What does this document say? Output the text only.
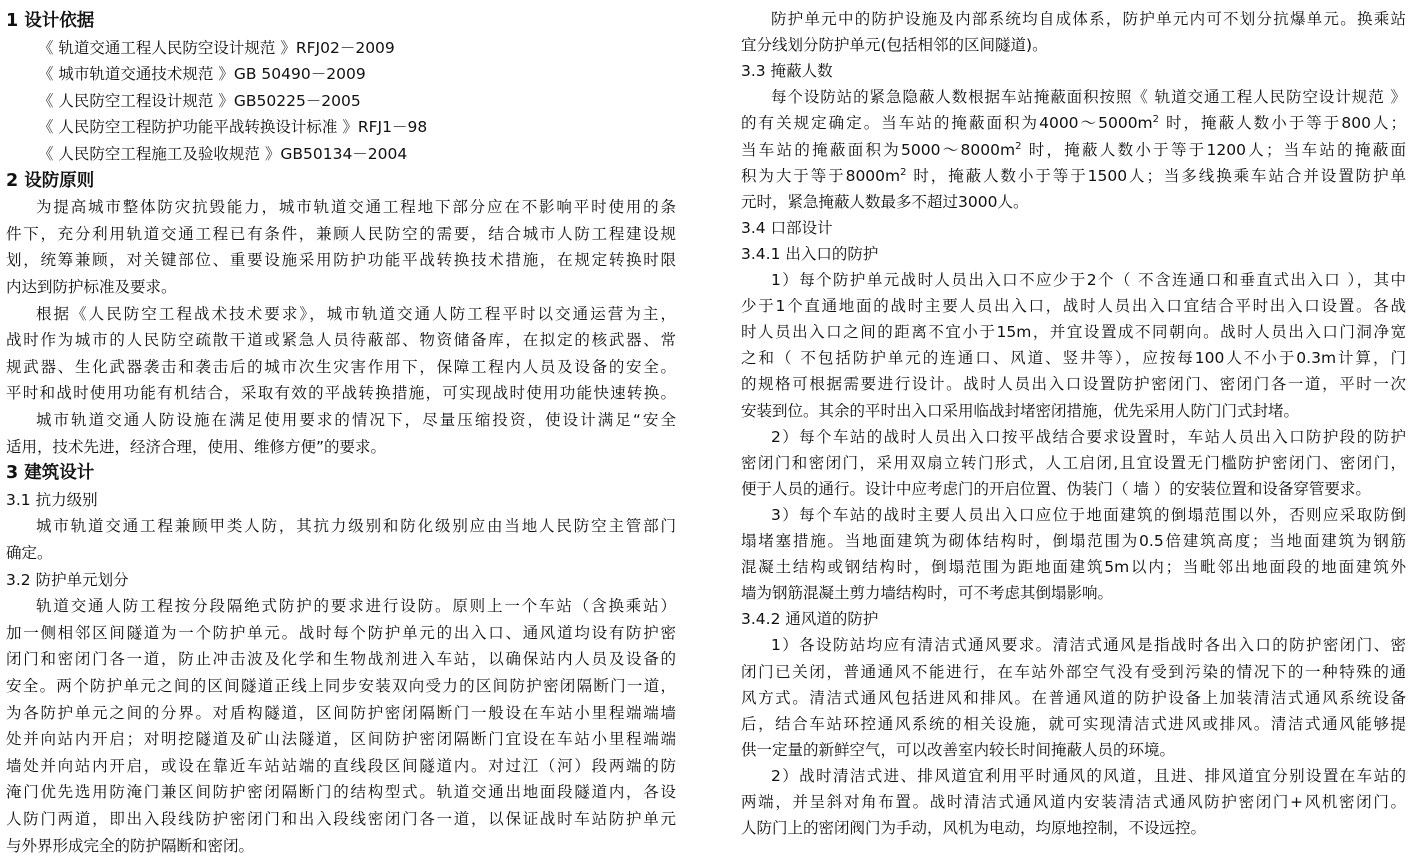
1 设计依据
《 轨道交通工程人民防空设计规范 》RFJ02－2009
《 城市轨道交通技术规范 》GB 50490－2009
《 人民防空工程设计规范 》GB50225－2005
《 人民防空工程防护功能平战转换设计标准 》RFJ1－98
《 人民防空工程施工及验收规范 》GB50134－2004
2 设防原则
为提高城市整体防灾抗毁能力，城市轨道交通工程地下部分应在不影响平时使用的条
件下，充分利用轨道交通工程已有条件，兼顾人民防空的需要，结合城市人防工程建设规
划，统筹兼顾，对关键部位、重要设施采用防护功能平战转换技术措施，在规定转换时限
内达到防护标准及要求。
根据《人民防空工程战术技术要求》，城市轨道交通人防工程平时以交通运营为主，
战时作为城市的人民防空疏散干道或紧急人员待蔽部、物资储备库，在拟定的核武器、常
规武器、生化武器袭击和袭击后的城市次生灾害作用下，保障工程内人员及设备的安全。
平时和战时使用功能有机结合，采取有效的平战转换措施，可实现战时使用功能快速转换。
城市轨道交通人防设施在满足使用要求的情况下，尽量压缩投资，使设计满足“安全
适用，技术先进，经济合理，使用、维修方便”的要求。
3 建筑设计
3.1 抗力级别
城市轨道交通工程兼顾甲类人防，其抗力级别和防化级别应由当地人民防空主管部门
确定。
3.2 防护单元划分
轨道交通人防工程按分段隔绝式防护的要求进行设防。原则上一个车站（含换乘站）
加一侧相邻区间隧道为一个防护单元。战时每个防护单元的出入口、通风道均设有防护密
闭门和密闭门各一道，防止冲击波及化学和生物战剂进入车站，以确保站内人员及设备的
安全。两个防护单元之间的区间隧道正线上同步安装双向受力的区间防护密闭隔断门一道，
为各防护单元之间的分界。对盾构隧道，区间防护密闭隔断门一般设在车站小里程端端墙
处并向站内开启；对明挖隧道及矿山法隧道，区间防护密闭隔断门宜设在车站小里程端端
墙处并向站内开启，或设在靠近车站站端的直线段区间隧道内。对过江（河）段两端的防
淹门优先选用防淹门兼区间防护密闭隔断门的结构型式。轨道交通出地面段隧道内，各设
人防门两道，即出入段线防护密闭门和出入段线密闭门各一道，以保证战时车站防护单元
与外界形成完全的防护隔断和密闭。
防护单元中的防护设施及内部系统均自成体系，防护单元内可不划分抗爆单元。换乘站
宜分线划分防护单元(包括相邻的区间隧道)。
3.3 掩蔽人数
每个设防站的紧急隐蔽人数根据车站掩蔽面积按照《 轨道交通工程人民防空设计规范 》
的有关规定确定。当车站的掩蔽面积为$4000\sim 5000m^2$ 时，掩蔽人数小于等于800人；
当车站的掩蔽面积为$5000\sim 8000m^2$ 时，掩蔽人数小于等于1200人；当车站的掩蔽面
积为大于等于$8000m^2$ 时，掩蔽人数小于等于1500人；当多线换乘车站合并设置防护单
元时，紧急掩蔽人数最多不超过3000人。
3.4 口部设计
3.4.1 出入口的防护
1）每个防护单元战时人员出入口不应少于2个（ 不含连通口和垂直式出入口 ），其中
少于1个直通地面的战时主要人员出入口，战时人员出入口宜结合平时出入口设置。各战
时人员出入口之间的距离不宜小于15m，并宜设置成不同朝向。战时人员出入口门洞净宽
之和（ 不包括防护单元的连通口、风道、竖井等），应按每100人不小于0.3m计算，门
的规格可根据需要进行设计。战时人员出入口设置防护密闭门、密闭门各一道，平时一次
安装到位。其余的平时出入口采用临战封堵密闭措施，优先采用人防门门式封堵。
2）每个车站的战时人员出入口按平战结合要求设置时，车站人员出入口防护段的防护
密闭门和密闭门，采用双扇立转门形式，人工启闭,且宜设置无门槛防护密闭门、密闭门，
便于人员的通行。设计中应考虑门的开启位置、伪装门（ 墙 ）的安装位置和设备穿管要求。
3）每个车站的战时主要人员出入口应位于地面建筑的倒塌范围以外，否则应采取防倒
塌堵塞措施。当地面建筑为砌体结构时，倒塌范围为0.5倍建筑高度；当地面建筑为钢筋
混凝土结构或钢结构时，倒塌范围为距地面建筑5m以内；当毗邻出地面段的地面建筑外
墙为钢筋混凝土剪力墙结构时，可不考虑其倒塌影响。
3.4.2 通风道的防护
1）各设防站均应有清洁式通风要求。清洁式通风是指战时各出入口的防护密闭门、密
闭门已关闭，普通通风不能进行，在车站外部空气没有受到污染的情况下的一种特殊的通
风方式。清洁式通风包括进风和排风。在普通风道的防护设备上加装清洁式通风系统设备
后，结合车站环控通风系统的相关设施，就可实现清洁式进风或排风。清洁式通风能够提
供一定量的新鲜空气，可以改善室内较长时间掩蔽人员的环境。
2）战时清洁式进、排风道宜利用平时通风的风道，且进、排风道宜分别设置在车站的
两端，并呈斜对角布置。战时清洁式通风道内安装清洁式通风防护密闭门+风机密闭门。
人防门上的密闭阀门为手动，风机为电动，均原地控制，不设远控。
